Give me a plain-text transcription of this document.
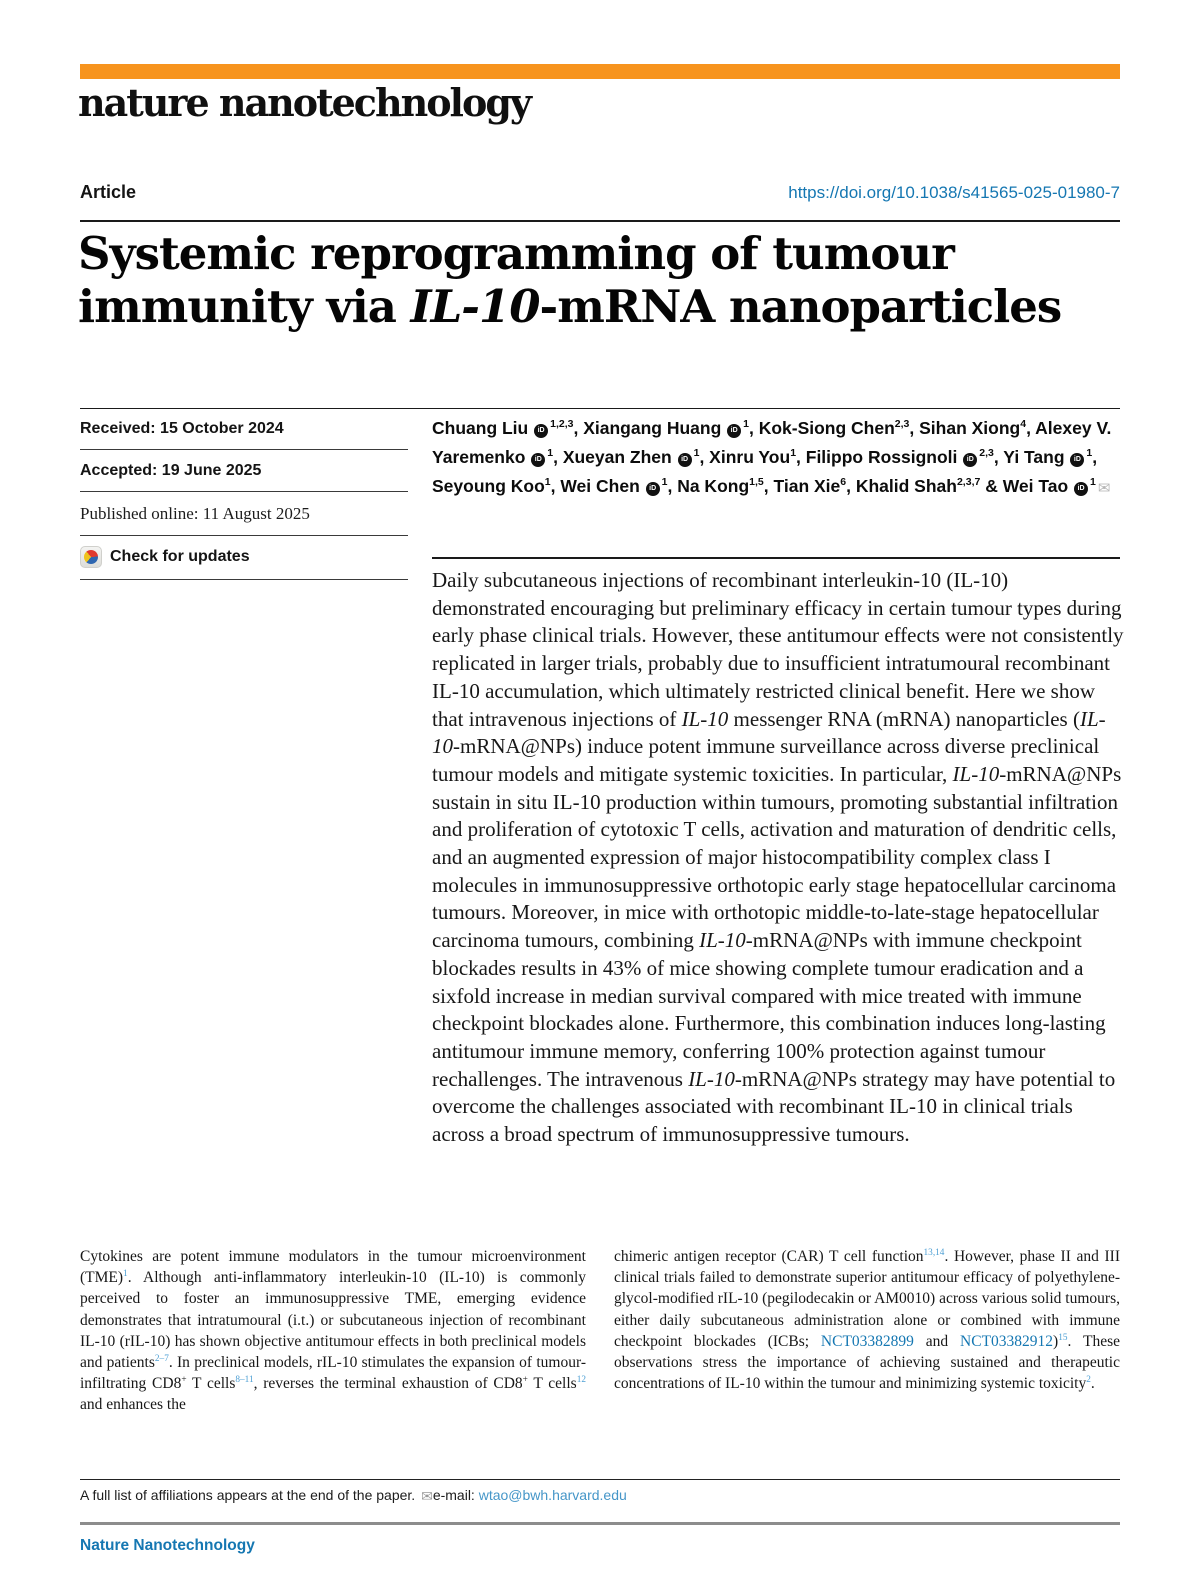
nature nanotechnology
Article	https://doi.org/10.1038/s41565-025-01980-7
Systemic reprogramming of tumour
immunity via IL-10-mRNA nanoparticles
Received: 15 October 2024
Accepted: 19 June 2025
Published online: 11 August 2025
Check for updates
Chuang Liu iD$^{1,2,3}$, Xiangang Huang $iD^1$, Kok-Siong Chen$^{2,3}$, Sihan Xiong$^4$, Alexey V. Yaremenko $iD^1$, Xueyan Zhen $iD^1$, Xinru You$^1$, Filippo Rossignoli iD$^{2,3}$, Yi Tang $iD^1$, Seyoung Koo$^1$, Wei Chen $iD^1$, Na Kong$^{1,5}$, Tian Xie$^6$, Khalid Shah$^{2,3,7}$ & Wei Tao $iD^1$ ✉
Daily subcutaneous injections of recombinant interleukin-10 (IL-10) demonstrated encouraging but preliminary efficacy in certain tumour types during early phase clinical trials. However, these antitumour effects were not consistently replicated in larger trials, probably due to insufficient intratumoural recombinant IL-10 accumulation, which ultimately restricted clinical benefit. Here we show that intravenous injections of IL-10 messenger RNA (mRNA) nanoparticles (IL-10-mRNA@NPs) induce potent immune surveillance across diverse preclinical tumour models and mitigate systemic toxicities. In particular, IL-10-mRNA@NPs sustain in situ IL-10 production within tumours, promoting substantial infiltration and proliferation of cytotoxic T cells, activation and maturation of dendritic cells, and an augmented expression of major histocompatibility complex class I molecules in immunosuppressive orthotopic early stage hepatocellular carcinoma tumours. Moreover, in mice with orthotopic middle-to-late-stage hepatocellular carcinoma tumours, combining IL-10-mRNA@NPs with immune checkpoint blockades results in 43% of mice showing complete tumour eradication and a sixfold increase in median survival compared with mice treated with immune checkpoint blockades alone. Furthermore, this combination induces long-lasting antitumour immune memory, conferring 100% protection against tumour rechallenges. The intravenous IL-10-mRNA@NPs strategy may have potential to overcome the challenges associated with recombinant IL-10 in clinical trials across a broad spectrum of immunosuppressive tumours.
Cytokines are potent immune modulators in the tumour microenvironment (TME)$^1$. Although anti-inflammatory interleukin-10 (IL-10) is commonly perceived to foster an immunosuppressive TME, emerging evidence demonstrates that intratumoural (i.t.) or subcutaneous injection of recombinant IL-10 (rIL-10) has shown objective antitumour effects in both preclinical models and patients$^{2-7}$. In preclinical models, rIL-10 stimulates the expansion of tumour-infiltrating CD8+ T cells$^{8-11}$, reverses the terminal exhaustion of CD8+ T cells$^{12}$ and enhances the
chimeric antigen receptor (CAR) T cell function$^{13,14}$. However, phase II and III clinical trials failed to demonstrate superior antitumour efficacy of polyethylene-glycol-modified rIL-10 (pegilodecakin or AM0010) across various solid tumours, either daily subcutaneous administration alone or combined with immune checkpoint blockades (ICBs; NCT03382899 and NCT03382912)$^{15}$. These observations stress the importance of achieving sustained and therapeutic concentrations of IL-10 within the tumour and minimizing systemic toxicity$^2$.
A full list of affiliations appears at the end of the paper. ✉e-mail: wtao@bwh.harvard.edu
Nature Nanotechnology
